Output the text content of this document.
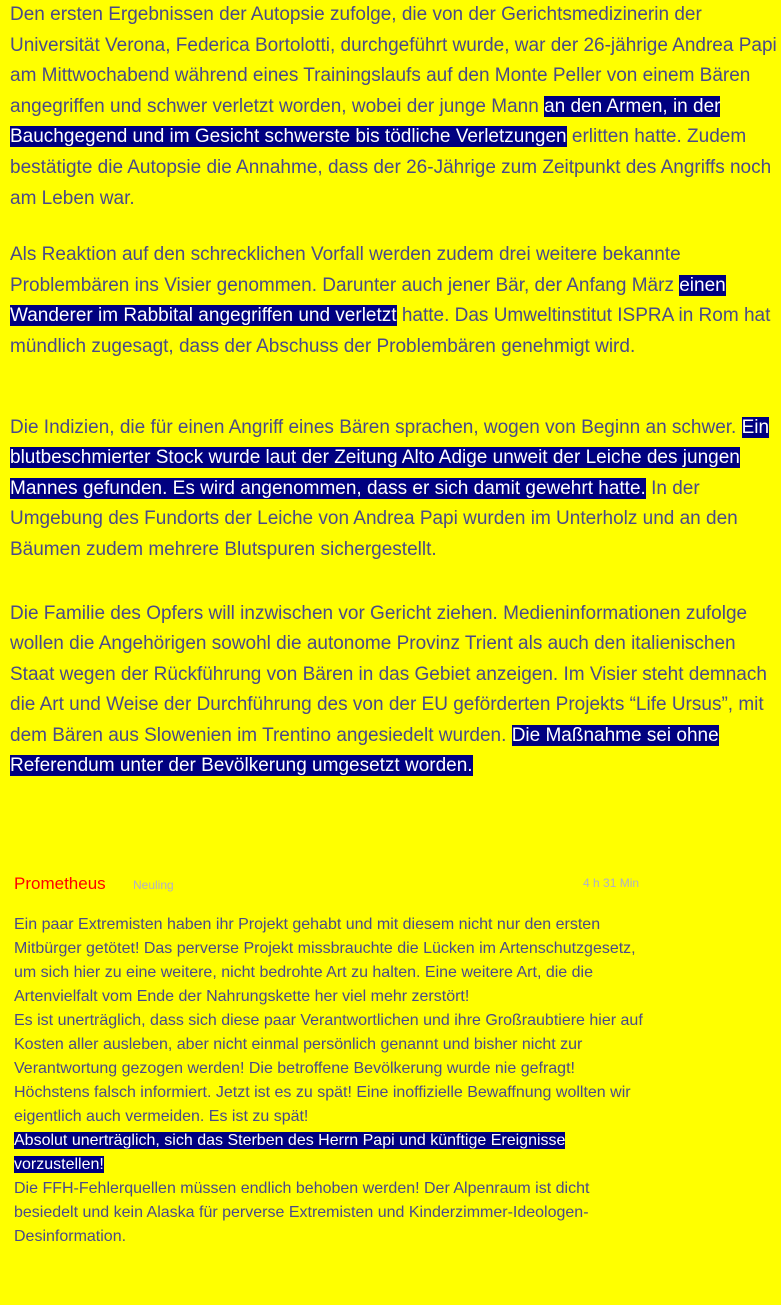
Den ersten Ergebnissen der Autopsie zufolge, die von der Gerichtsmedizinerin der Universität Verona, Federica Bortolotti, durchgeführt wurde, war der 26-jährige Andrea Papi am Mittwochabend während eines Trainingslaufs auf den Monte Peller von einem Bären angegriffen und schwer verletzt worden, wobei der junge Mann an den Armen, in der Bauchgegend und im Gesicht schwerste bis tödliche Verletzungen erlitten hatte. Zudem bestätigte die Autopsie die Annahme, dass der 26-Jährige zum Zeitpunkt des Angriffs noch am Leben war.

Als Reaktion auf den schrecklichen Vorfall werden zudem drei weitere bekannte Problembären ins Visier genommen. Darunter auch jener Bär, der Anfang März einen Wanderer im Rabbital angegriffen und verletzt hatte. Das Umweltinstitut ISPRA in Rom hat mündlich zugesagt, dass der Abschuss der Problembären genehmigt wird.

Die Indizien, die für einen Angriff eines Bären sprachen, wogen von Beginn an schwer. Ein blutbeschmierter Stock wurde laut der Zeitung Alto Adige unweit der Leiche des jungen Mannes gefunden. Es wird angenommen, dass er sich damit gewehrt hatte. In der Umgebung des Fundorts der Leiche von Andrea Papi wurden im Unterholz und an den Bäumen zudem mehrere Blutspuren sichergestellt.

Die Familie des Opfers will inzwischen vor Gericht ziehen. Medieninformationen zufolge wollen die Angehörigen sowohl die autonome Provinz Trient als auch den italienischen Staat wegen der Rückführung von Bären in das Gebiet anzeigen. Im Visier steht demnach die Art und Weise der Durchführung des von der EU geförderten Projekts “Life Ursus”, mit dem Bären aus Slowenien im Trentino angesiedelt wurden. Die Maßnahme sei ohne Referendum unter der Bevölkerung umgesetzt worden.

Prometheus Neuling	4 h 31 Min

Ein paar Extremisten haben ihr Projekt gehabt und mit diesem nicht nur den ersten Mitbürger getötet! Das perverse Projekt missbrauchte die Lücken im Artenschutzgesetz, um sich hier zu eine weitere, nicht bedrohte Art zu halten. Eine weitere Art, die die Artenvielfalt vom Ende der Nahrungskette her viel mehr zerstört!

Es ist unerträglich, dass sich diese paar Verantwortlichen und ihre Großraubtiere hier auf Kosten aller ausleben, aber nicht einmal persönlich genannt und bisher nicht zur Verantwortung gezogen werden! Die betroffene Bevölkerung wurde nie gefragt! Höchstens falsch informiert. Jetzt ist es zu spät! Eine inoffizielle Bewaffnung wollten wir eigentlich auch vermeiden. Es ist zu spät!

Absolut unerträglich, sich das Sterben des Herrn Papi und künftige Ereignisse vorzustellen!

Die FFH-Fehlerquellen müssen endlich behoben werden! Der Alpenraum ist dicht besiedelt und kein Alaska für perverse Extremisten und Kinderzimmer-Ideologen-Desinformation.
